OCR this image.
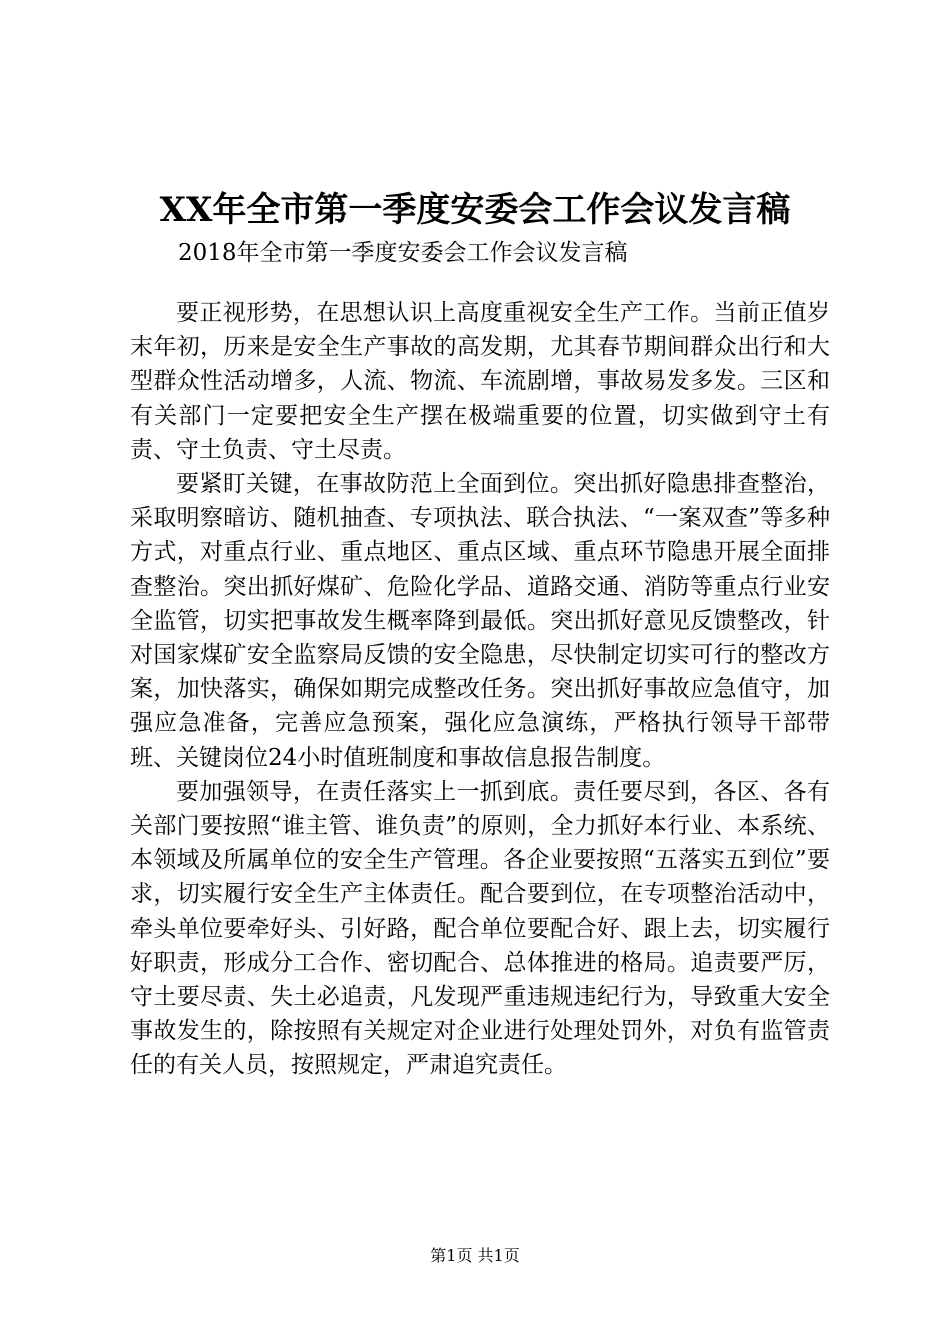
XX年全市第一季度安委会工作会议发言稿
2018年全市第一季度安委会工作会议发言稿

要正视形势，在思想认识上高度重视安全生产工作。当前正值岁末年初，历来是安全生产事故的高发期，尤其春节期间群众出行和大型群众性活动增多，人流、物流、车流剧增，事故易发多发。三区和有关部门一定要把安全生产摆在极端重要的位置，切实做到守土有责、守土负责、守土尽责。

要紧盯关键，在事故防范上全面到位。突出抓好隐患排查整治，采取明察暗访、随机抽查、专项执法、联合执法、“一案双查”等多种方式，对重点行业、重点地区、重点区域、重点环节隐患开展全面排查整治。突出抓好煤矿、危险化学品、道路交通、消防等重点行业安全监管，切实把事故发生概率降到最低。突出抓好意见反馈整改，针对国家煤矿安全监察局反馈的安全隐患，尽快制定切实可行的整改方案，加快落实，确保如期完成整改任务。突出抓好事故应急值守，加强应急准备，完善应急预案，强化应急演练，严格执行领导干部带班、关键岗位24小时值班制度和事故信息报告制度。

要加强领导，在责任落实上一抓到底。责任要尽到，各区、各有关部门要按照“谁主管、谁负责”的原则，全力抓好本行业、本系统、本领域及所属单位的安全生产管理。各企业要按照“五落实五到位”要求，切实履行安全生产主体责任。配合要到位，在专项整治活动中，牵头单位要牵好头、引好路，配合单位要配合好、跟上去，切实履行好职责，形成分工合作、密切配合、总体推进的格局。追责要严厉，守土要尽责、失土必追责，凡发现严重违规违纪行为，导致重大安全事故发生的，除按照有关规定对企业进行处理处罚外，对负有监管责任的有关人员，按照规定，严肃追究责任。

第1页 共1页
